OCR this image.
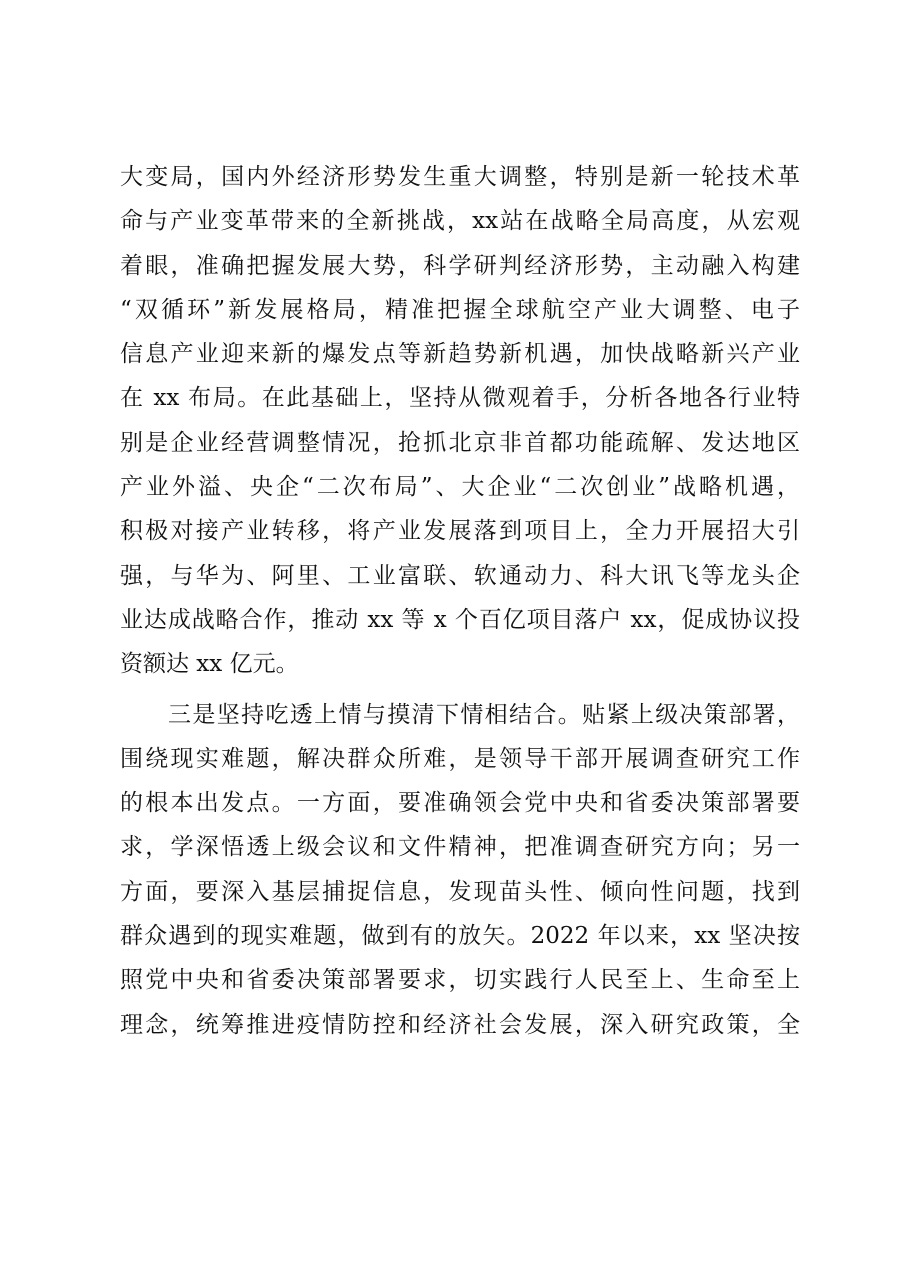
大变局，国内外经济形势发生重大调整，特别是新一轮技术革
命与产业变革带来的全新挑战，xx站在战略全局高度，从宏观
着眼，准确把握发展大势，科学研判经济形势，主动融入构建
“双循环”新发展格局，精准把握全球航空产业大调整、电子
信息产业迎来新的爆发点等新趋势新机遇，加快战略新兴产业
在 xx 布局。在此基础上，坚持从微观着手，分析各地各行业特
别是企业经营调整情况，抢抓北京非首都功能疏解、发达地区
产业外溢、央企“二次布局”、大企业“二次创业”战略机遇，
积极对接产业转移，将产业发展落到项目上，全力开展招大引
强，与华为、阿里、工业富联、软通动力、科大讯飞等龙头企
业达成战略合作，推动 xx 等 x 个百亿项目落户 xx，促成协议投
资额达 xx 亿元。
三是坚持吃透上情与摸清下情相结合。贴紧上级决策部署，
围绕现实难题，解决群众所难，是领导干部开展调查研究工作
的根本出发点。一方面，要准确领会党中央和省委决策部署要
求，学深悟透上级会议和文件精神，把准调查研究方向；另一
方面，要深入基层捕捉信息，发现苗头性、倾向性问题，找到
群众遇到的现实难题，做到有的放矢。2022 年以来，xx 坚决按
照党中央和省委决策部署要求，切实践行人民至上、生命至上
理念，统筹推进疫情防控和经济社会发展，深入研究政策，全
